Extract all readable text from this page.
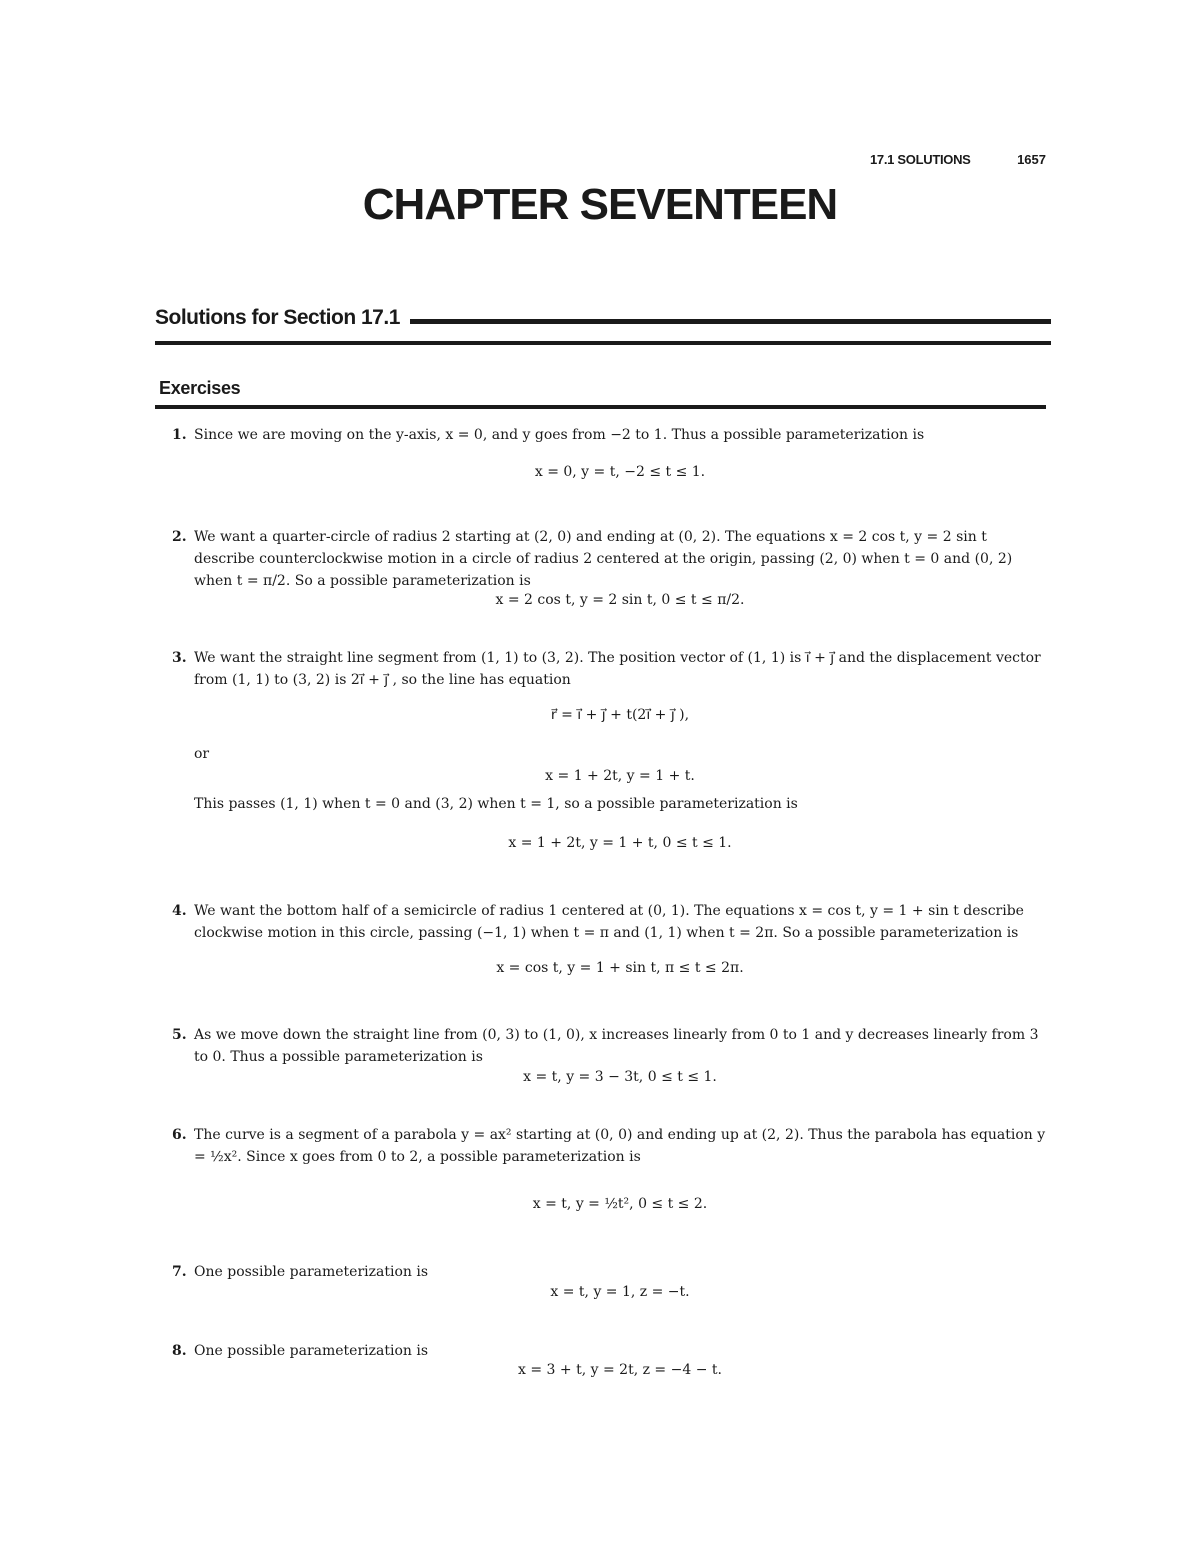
17.1 SOLUTIONS	1657
CHAPTER SEVENTEEN
Solutions for Section 17.1
Exercises
1. Since we are moving on the y-axis, x = 0, and y goes from −2 to 1. Thus a possible parameterization is
x = 0, y = t, −2 ≤ t ≤ 1.
2. We want a quarter-circle of radius 2 starting at (2, 0) and ending at (0, 2). The equations x = 2 cos t, y = 2 sin t describe counterclockwise motion in a circle of radius 2 centered at the origin, passing (2, 0) when t = 0 and (0, 2) when t = π/2. So a possible parameterization is
x = 2 cos t, y = 2 sin t, 0 ≤ t ≤ π/2.
3. We want the straight line segment from (1, 1) to (3, 2). The position vector of (1, 1) is i⃗ + j⃗ and the displacement vector from (1, 1) to (3, 2) is 2i⃗ + j⃗ , so the line has equation
r⃗ = i⃗ + j⃗ + t(2i⃗ + j⃗ ),
or
x = 1 + 2t, y = 1 + t.
This passes (1, 1) when t = 0 and (3, 2) when t = 1, so a possible parameterization is
x = 1 + 2t, y = 1 + t, 0 ≤ t ≤ 1.
4. We want the bottom half of a semicircle of radius 1 centered at (0, 1). The equations x = cos t, y = 1 + sin t describe clockwise motion in this circle, passing (−1, 1) when t = π and (1, 1) when t = 2π. So a possible parameterization is
x = cos t, y = 1 + sin t, π ≤ t ≤ 2π.
5. As we move down the straight line from (0, 3) to (1, 0), x increases linearly from 0 to 1 and y decreases linearly from 3 to 0. Thus a possible parameterization is
x = t, y = 3 − 3t, 0 ≤ t ≤ 1.
6. The curve is a segment of a parabola y = ax² starting at (0, 0) and ending up at (2, 2). Thus the parabola has equation y = ½x². Since x goes from 0 to 2, a possible parameterization is
x = t, y = ½t², 0 ≤ t ≤ 2.
7. One possible parameterization is
x = t, y = 1, z = −t.
8. One possible parameterization is
x = 3 + t, y = 2t, z = −4 − t.
